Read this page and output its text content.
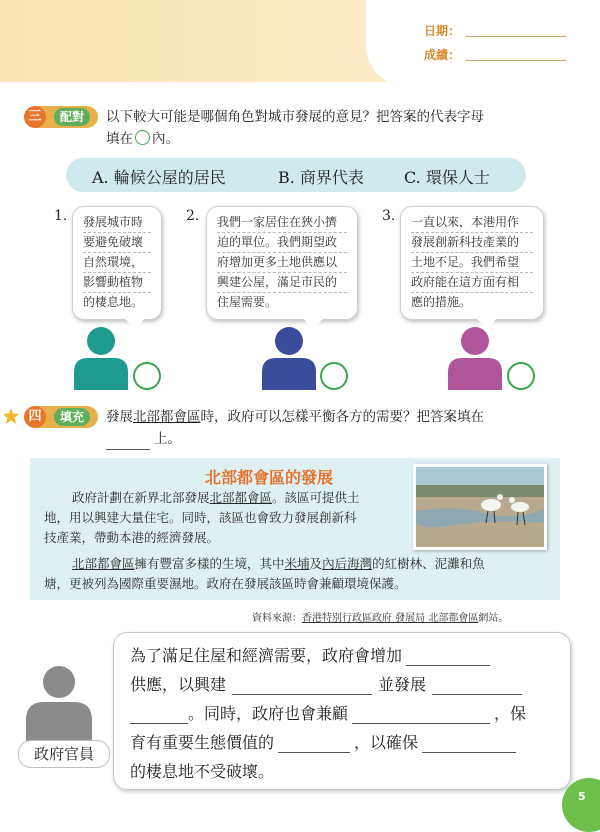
日期：
成績：
三	配對	以下較大可能是哪個角色對城市發展的意見？把答案的代表字母
填在 內。
A. 輪候公屋的居民	B. 商界代表	C. 環保人士
1. 發展城市時
要避免破壞
自然環境，
影響動植物
的棲息地。
2. 我們一家居住在狹小擠
迫的單位。我們期望政
府增加更多土地供應以
興建公屋，滿足市民的
住屋需要。
3. 一直以來，本港用作
發展創新科技產業的
土地不足。我們希望
政府能在這方面有相
應的措施。
四	填充	發展北部都會區時，政府可以怎樣平衡各方的需要？把答案填在
上。
北部都會區的發展
政府計劃在新界北部發展北部都會區。該區可提供土
地，用以興建大量住宅。同時，該區也會致力發展創新科
技產業，帶動本港的經濟發展。
北部都會區擁有豐富多樣的生境，其中米埔及內后海灣的紅樹林、泥灘和魚
塘，更被列為國際重要濕地。政府在發展該區時會兼顧環境保護。
資料來源：香港特別行政區政府 發展局 北部都會區網站。
政府官員
為了滿足住屋和經濟需要，政府會增加
供應，以興建	並發展
。同時，政府也會兼顧	，保
育有重要生態價值的	，以確保
的棲息地不受破壞。
5
